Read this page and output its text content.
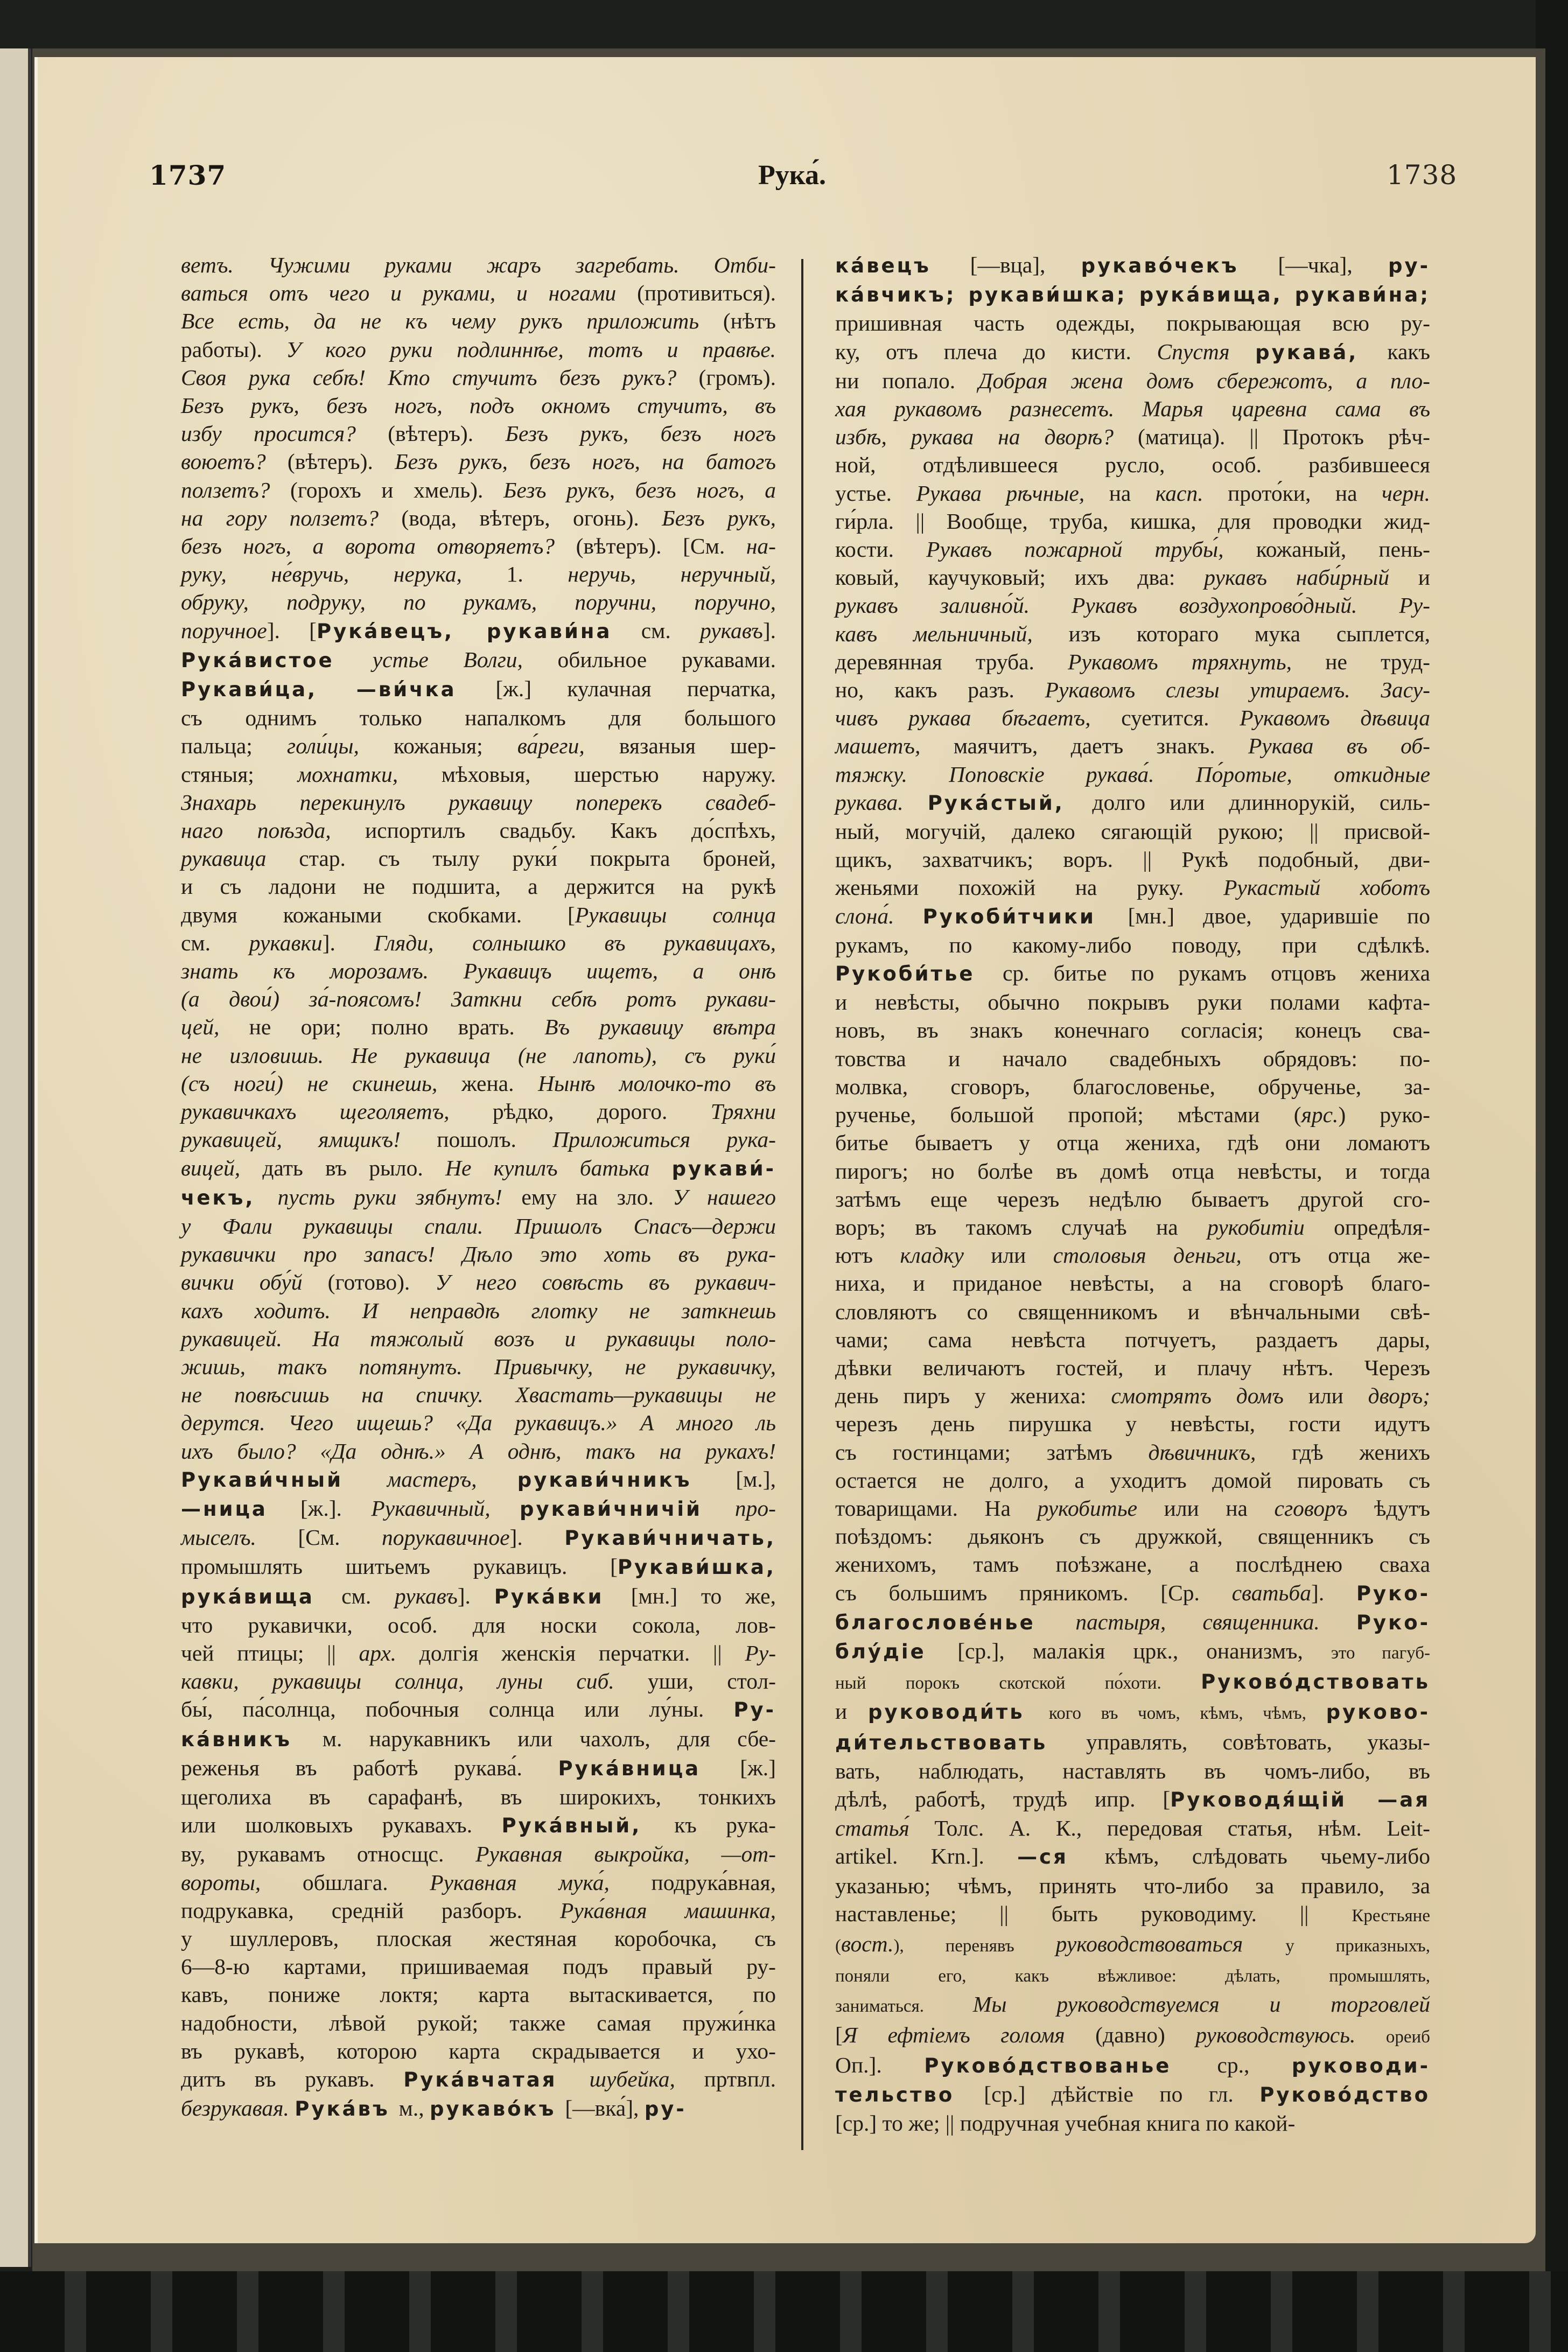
1737	Рука́.	1738
ветъ. Чужими руками жаръ загребать. Отби-
ваться отъ чего и руками, и ногами (противиться).
Все есть, да не къ чему рукъ приложить (нѣтъ
работы). У кого руки подлиннѣе, тотъ и правѣе.
Своя рука себѣ! Кто стучитъ безъ рукъ? (громъ).
Безъ рукъ, безъ ногъ, подъ окномъ стучитъ, въ
избу просится? (вѣтеръ). Безъ рукъ, безъ ногъ
воюетъ? (вѣтеръ). Безъ рукъ, безъ ногъ, на батогъ
ползетъ? (горохъ и хмель). Безъ рукъ, безъ ногъ, а
на гору ползетъ? (вода, вѣтеръ, огонь). Безъ рукъ,
безъ ногъ, а ворота отворяетъ? (вѣтеръ). [См. на-
руку, не́вручь, нерука, 1. неручь, неручный,
обруку, подруку, по рукамъ, поручни, поручно,
поручное]. [Рука́вецъ, рукави́на см. рукавъ].
Рука́вистое устье Волги, обильное рукавами.
Рукави́ца, —ви́чка [ж.] кулачная перчатка,
съ однимъ только напалкомъ для большого
пальца; голи́цы, кожаныя; ва́реги, вязаныя шер-
стяныя; мохнатки, мѣховыя, шерстью наружу.
Знахарь перекинулъ рукавицу поперекъ свадеб-
наго поѣзда, испортилъ свадьбу. Какъ до́спѣхъ,
рукавица стар. съ тылу руки́ покрыта броней,
и съ ладони не подшита, а держится на рукѣ
двумя кожаными скобками. [Рукавицы солнца
см. рукавки]. Гляди, солнышко въ рукавицахъ,
знать къ морозамъ. Рукавицъ ищетъ, а онѣ
(а двои́) за́-поясомъ! Заткни себѣ ротъ рукави-
цей, не ори; полно врать. Въ рукавицу вѣтра
не изловишь. Не рукавица (не лапоть), съ руки́
(съ ноги́) не скинешь, жена. Нынѣ молочко-то въ
рукавичкахъ щеголяетъ, рѣдко, дорого. Тряхни
рукавицей, ямщикъ! пошолъ. Приложиться рука-
вицей, дать въ рыло. Не купилъ батька рукави́-
чекъ, пусть руки зябнутъ! ему на зло. У нашего
у Фали рукавицы спали. Пришолъ Спасъ—держи
рукавички про запасъ! Дѣло это хоть въ рука-
вички обу́й (готово). У него совѣсть въ рукавич-
кахъ ходитъ. И неправдѣ глотку не заткнешь
рукавицей. На тяжолый возъ и рукавицы поло-
жишь, такъ потянутъ. Привычку, не рукавичку,
не повѣсишь на спичку. Хвастать—рукавицы не
дерутся. Чего ищешь? «Да рукавицъ.» А много ль
ихъ было? «Да однѣ.» А однѣ, такъ на рукахъ!
Рукави́чный мастеръ, рукави́чникъ [м.],
—ница [ж.]. Рукавичный, рукави́чничій про-
мыселъ. [См. порукавичное]. Рукави́чничать,
промышлять шитьемъ рукавицъ. [Рукави́шка,
рука́вища см. рукавъ]. Рука́вки [мн.] то же,
что рукавички, особ. для носки сокола, лов-
чей птицы; || арх. долгія женскія перчатки. || Ру-
кавки, рукавицы солнца, луны сиб. уши, стол-
бы́, па́солнца, побочныя солнца или лу́ны. Ру-
ка́вникъ м. нарукавникъ или чахолъ, для сбе-
реженья въ работѣ рукава́. Рука́вница [ж.]
щеголиха въ сарафанѣ, въ широкихъ, тонкихъ
или шолковыхъ рукавахъ. Рука́вный, къ рука-
ву, рукавамъ относщс. Рукавная выкройка, —от-
вороты, обшлага. Рукавная мука́, подрука́вная,
подрукавка, средній разборъ. Рука́вная машинка,
у шуллеровъ, плоская жестяная коробочка, съ
6—8-ю картами, пришиваемая подъ правый ру-
кавъ, пониже локтя; карта вытаскивается, по
надобности, лѣвой рукой; также самая пружи́нка
въ рукавѣ, которою карта скрадывается и ухо-
дитъ въ рукавъ. Рука́вчатая шубейка, пртвпл.
безрукавая. Рука́въ м., рукаво́къ [—вка́], ру-
ка́вецъ [—вца], рукаво́чекъ [—чка], ру-
ка́вчикъ; рукави́шка; рука́вища, рукави́на;
пришивная часть одежды, покрывающая всю ру-
ку, отъ плеча до кисти. Спустя рукава́, какъ
ни попало. Добрая жена домъ сбережотъ, а пло-
хая рукавомъ разнесетъ. Марья царевна сама въ
избѣ, рукава на дворѣ? (матица). || Протокъ рѣч-
ной, отдѣлившееся русло, особ. разбившееся
устье. Рукава рѣчные, на касп. прото́ки, на черн.
ги́рла. || Вообще, труба, кишка, для проводки жид-
кости. Рукавъ пожарной трубы́, кожаный, пень-
ковый, каучуковый; ихъ два: рукавъ наби́рный и
рукавъ заливно́й. Рукавъ воздухопрово́дный. Ру-
кавъ мельничный, изъ котораго мука сыплется,
деревянная труба. Рукавомъ тряхнуть, не труд-
но, какъ разъ. Рукавомъ слезы утираемъ. Засу-
чивъ рукава бѣгаетъ, суетится. Рукавомъ дѣвица
машетъ, маячитъ, даетъ знакъ. Рукава въ об-
тяжку. Поповскіе рукава́. По́ротые, откидные
рукава. Рука́стый, долго или длиннорукій, силь-
ный, могучій, далеко сягающій рукою; || присвой-
щикъ, захватчикъ; воръ. || Рукѣ подобный, дви-
женьями похожій на руку. Рукастый хоботъ
слона́. Рукоби́тчики [мн.] двое, ударившіе по
рукамъ, по какому-либо поводу, при сдѣлкѣ.
Рукоби́тье ср. битье по рукамъ отцовъ жениха
и невѣсты, обычно покрывъ руки полами кафта-
новъ, въ знакъ конечнаго согласія; конецъ сва-
товства и начало свадебныхъ обрядовъ: по-
молвка, сговоръ, благословенье, обрученье, за-
рученье, большой пропой; мѣстами (ярс.) руко-
битье бываетъ у отца жениха, гдѣ они ломаютъ
пирогъ; но болѣе въ домѣ отца невѣсты, и тогда
затѣмъ еще черезъ недѣлю бываетъ другой сго-
воръ; въ такомъ случаѣ на рукобитіи опредѣля-
ютъ кладку или столовыя деньги, отъ отца же-
ниха, и приданое невѣсты, а на сговорѣ благо-
словляютъ со священникомъ и вѣнчальными свѣ-
чами; сама невѣста потчуетъ, раздаетъ дары,
дѣвки величаютъ гостей, и плачу нѣтъ. Черезъ
день пиръ у жениха: смотрятъ домъ или дворъ;
черезъ день пирушка у невѣсты, гости идутъ
съ гостинцами; затѣмъ дѣвичникъ, гдѣ женихъ
остается не долго, а уходитъ домой пировать съ
товарищами. На рукобитье или на сговоръ ѣдутъ
поѣздомъ: дьяконъ съ дружкой, священникъ съ
женихомъ, тамъ поѣзжане, а послѣднею сваха
съ большимъ пряникомъ. [Ср. сватьба]. Руко-
благослове́нье пастыря, священника. Руко-
блу́діе [ср.], малакія црк., онанизмъ, это пагуб-
ный порокъ скотской по́хоти. Руково́дствовать
и руководи́ть кого въ чомъ, кѣмъ, чѣмъ, руково-
ди́тельствовать управлять, совѣтовать, указы-
вать, наблюдать, наставлять въ чомъ-либо, въ
дѣлѣ, работѣ, трудѣ ипр. [Руководя́щій —ая
статья́ Толс. А. К., передовая статья, нѣм. Leit-
artikel. Krn.]. —ся кѣмъ, слѣдовать чьему-либо
указанью; чѣмъ, принять что-либо за правило, за
наставленье; || быть руководиму. || Крестьяне
(вост.), перенявъ руководствоваться у приказныхъ,
поняли его, какъ вѣжливое: дѣлать, промышлять,
заниматься. Мы руководствуемся и торговлей
[Я ефтіемъ голомя (давно) руководствуюсь. ореиб
Оп.]. Руково́дствованье ср., руководи-
тельство [ср.] дѣйствіе по гл. Руково́дство
[ср.] то же; || подручная учебная книга по какой-
